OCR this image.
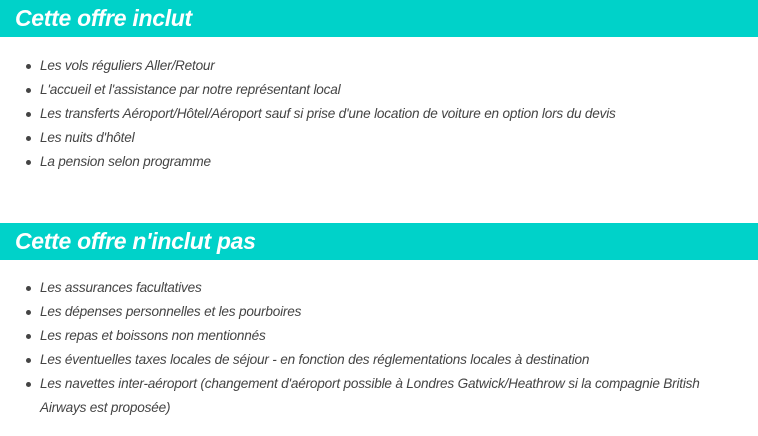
Cette offre inclut
Les vols réguliers Aller/Retour
L'accueil et l'assistance par notre représentant local
Les transferts Aéroport/Hôtel/Aéroport sauf si prise d'une location de voiture en option lors du devis
Les nuits d'hôtel
La pension selon programme
Cette offre n'inclut pas
Les assurances facultatives
Les dépenses personnelles et les pourboires
Les repas et boissons non mentionnés
Les éventuelles taxes locales de séjour - en fonction des réglementations locales à destination
Les navettes inter-aéroport (changement d'aéroport possible à Londres Gatwick/Heathrow si la compagnie British Airways est proposée)
